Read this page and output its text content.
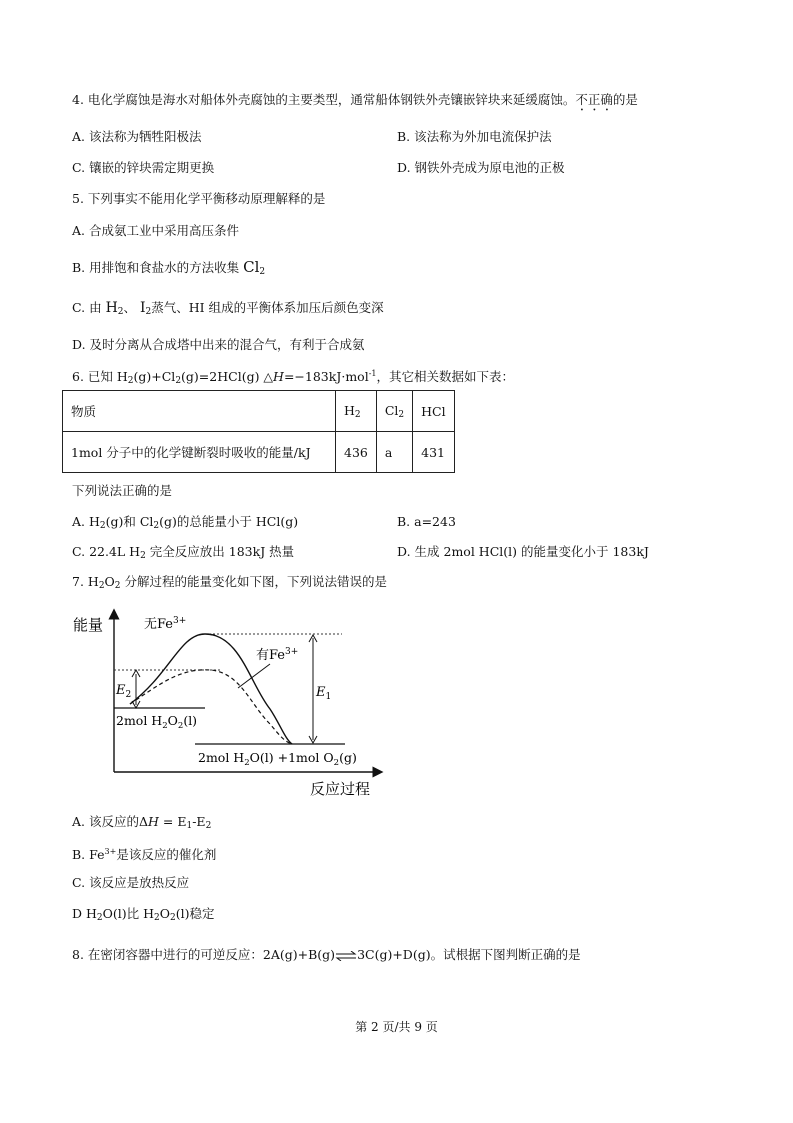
4. 电化学腐蚀是海水对船体外壳腐蚀的主要类型，通常船体钢铁外壳镶嵌锌块来延缓腐蚀。不正确的是
A. 该法称为牺牲阳极法	B. 该法称为外加电流保护法
C. 镶嵌的锌块需定期更换	D. 钢铁外壳成为原电池的正极
5. 下列事实不能用化学平衡移动原理解释的是
A. 合成氨工业中采用高压条件
B. 用排饱和食盐水的方法收集 $Cl_2$
C. 由 $H_2$、 $I_2$蒸气、HI 组成的平衡体系加压后颜色变深
D. 及时分离从合成塔中出来的混合气，有利于合成氨
6. 已知 $H_2(g)+Cl_2(g)=2HCl(g)$ △H=−183kJ·mol$^{-1}$，其它相关数据如下表：
物质	$H_2$	$Cl_2$	HCl
1mol 分子中的化学键断裂时吸收的能量/kJ	436	a	431
下列说法正确的是
A. $H_2(g)$和 $Cl_2(g)$的总能量小于 HCl(g)	B. a=243
C. 22.4L $H_2$ 完全反应放出 183kJ 热量	D. 生成 2mol HCl(l) 的能量变化小于 183kJ
7. $H_2O_2$ 分解过程的能量变化如下图，下列说法错误的是
能量
反应过程
$E_2$	$E_1$
无$Fe^{3+}$
有$Fe^{3+}$
2mol $H_2O_2(l)$
2mol $H_2O(l) +1mol$ $O_2(g)$
A. 该反应的$\Delta H = E_1-E_2$
B. $Fe^{3+}$是该反应的催化剂
C. 该反应是放热反应
D $H_2O(l)$比 $H_2O_2(l)$稳定
8. 在密闭容器中进行的可逆反应：2A(g)+B(g)⇌3C(g)+D(g)。试根据下图判断正确的是
第 2 页/共 9 页
